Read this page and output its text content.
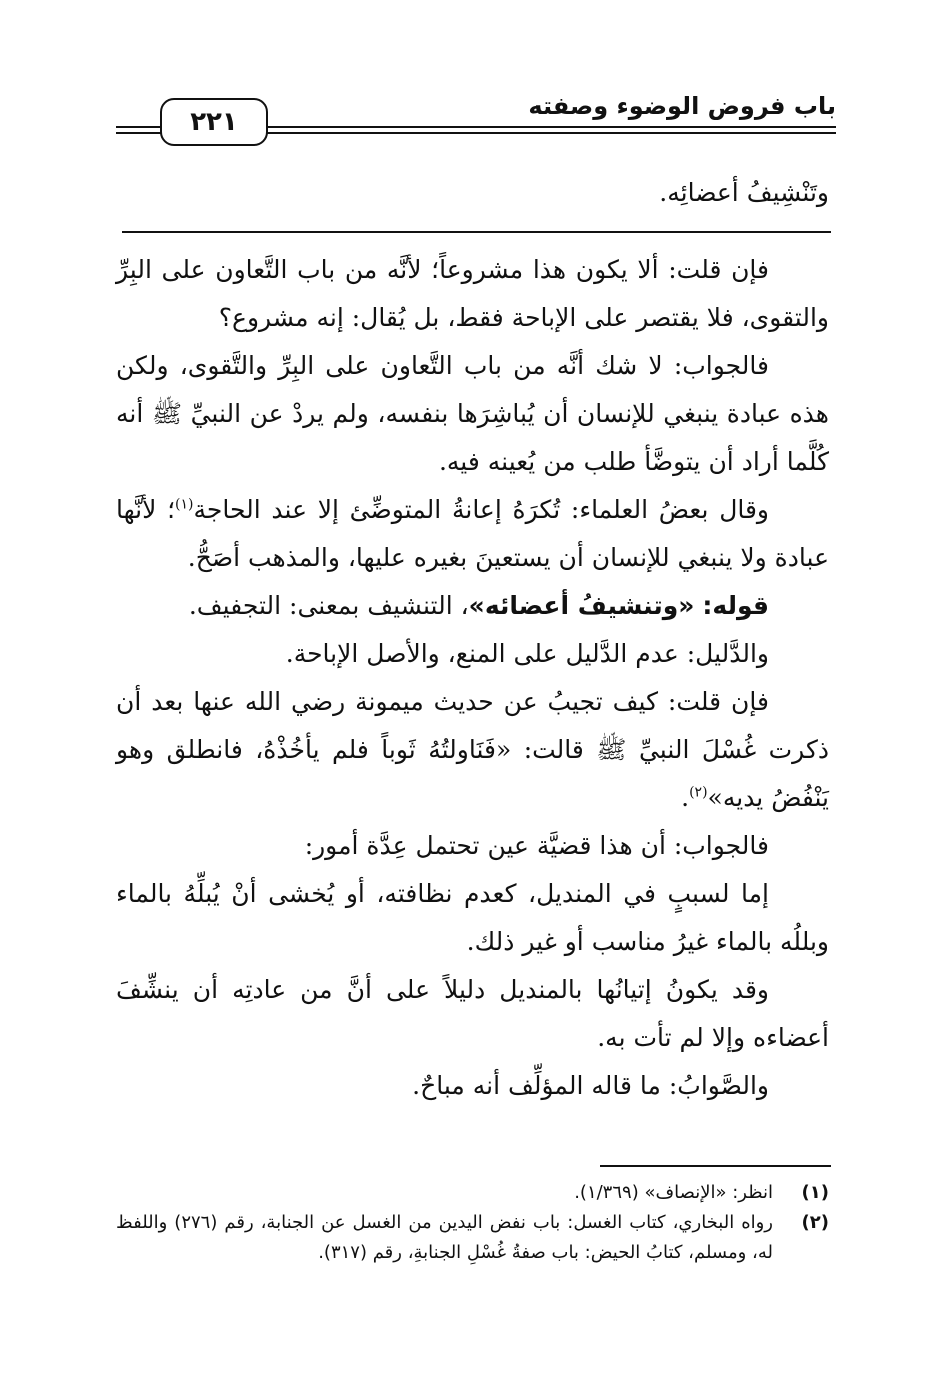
باب فروض الوضوء وصفته
٢٢١
وتَنْشِيفُ أعضائِه.

فإن قلت: ألا يكون هذا مشروعاً؛ لأنَّه من باب التَّعاون على البِرِّ والتقوى، فلا يقتصر على الإباحة فقط، بل يُقال: إنه مشروع؟

فالجواب: لا شك أنَّه من باب التَّعاون على البِرِّ والتَّقوى، ولكن هذه عبادة ينبغي للإنسان أن يُباشِرَها بنفسه، ولم يردْ عن النبيِّ ﷺ أنه كُلَّما أراد أن يتوضَّأ طلب من يُعينه فيه.

وقال بعضُ العلماء: تُكرَهُ إعانةُ المتوضِّئ إلا عند الحاجة$^{(١)}$؛ لأنَّها عبادة ولا ينبغي للإنسان أن يستعينَ بغيره عليها، والمذهب أصَحُّ.

قوله: «وتنشيفُ أعضائه»، التنشيف بمعنى: التجفيف.

والدَّليل: عدم الدَّليل على المنع، والأصل الإباحة.

فإن قلت: كيف تجيبُ عن حديث ميمونة رضي الله عنها بعد أن ذكرت غُسْلَ النبيِّ ﷺ قالت: «فَنَاولتُهُ ثَوباً فلم يأخُذْهُ، فانطلق وهو يَنْفُضُ يديه»$^{(٢)}$.

فالجواب: أن هذا قضيَّة عين تحتمل عِدَّة أمور:

إما لسببٍ في المنديل، كعدم نظافته، أو يُخشى أنْ يُبلِّهُ بالماء وبللُه بالماء غيرُ مناسب أو غير ذلك.

وقد يكونُ إتيانُها بالمنديل دليلاً على أنَّ من عادتِه أن ينشِّفَ أعضاءه وإلا لم تأت به.

والصَّوابُ: ما قاله المؤلِّف أنه مباحٌ.

(١)
انظر: «الإنصاف» (١/٣٦٩).
(٢)
رواه البخاري، كتاب الغسل: باب نفض اليدين من الغسل عن الجنابة، رقم (٢٧٦) واللفظ له، ومسلم، كتابُ الحيض: باب صفةُ غُسْلِ الجنابةِ، رقم (٣١٧).
